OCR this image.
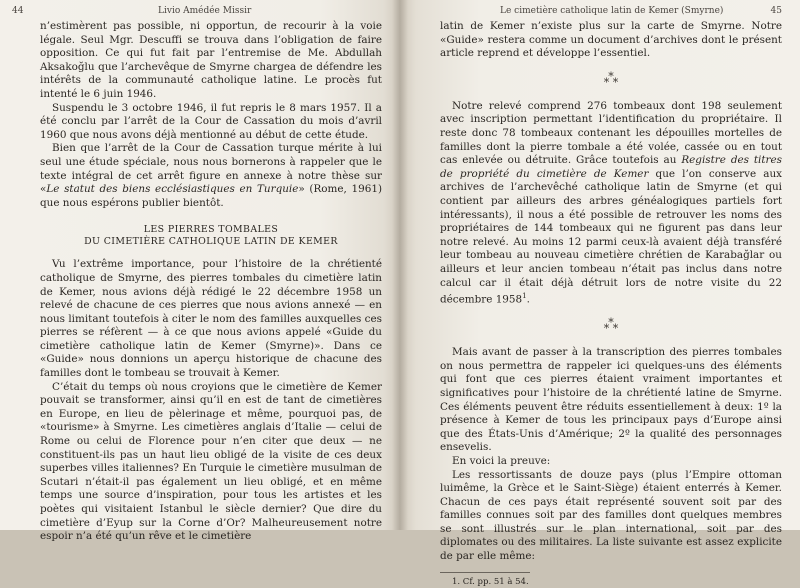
44	Livio Amédée Missir

n’estimèrent pas possible, ni opportun, de recourir à la voie légale. Seul Mgr. Descuffi se trouva dans l’obligation de faire opposition. Ce qui fut fait par l’entremise de Me. Abdullah Aksakoğlu que l’archevêque de Smyrne chargea de défendre les intérêts de la communauté catholique latine. Le procès fut intenté le 6 juin 1946.

Suspendu le 3 octobre 1946, il fut repris le 8 mars 1957. Il a été conclu par l’arrêt de la Cour de Cassation du mois d’avril 1960 que nous avons déjà mentionné au début de cette étude.

Bien que l’arrêt de la Cour de Cassation turque mérite à lui seul une étude spéciale, nous nous bornerons à rappeler que le texte intégral de cet arrêt figure en annexe à notre thèse sur «Le statut des biens ecclésiastiques en Turquie» (Rome, 1961) que nous espérons publier bientôt.

LES PIERRES TOMBALES
DU CIMETIÈRE CATHOLIQUE LATIN DE KEMER

Vu l’extrême importance, pour l’histoire de la chrétienté catholique de Smyrne, des pierres tombales du cimetière latin de Kemer, nous avions déjà rédigé le 22 décembre 1958 un relevé de chacune de ces pierres que nous avions annexé — en nous limitant toutefois à citer le nom des familles auxquelles ces pierres se réfèrent — à ce que nous avions appelé «Guide du cimetière catholique latin de Kemer (Smyrne)». Dans ce «Guide» nous donnions un aperçu historique de chacune des familles dont le tombeau se trouvait à Kemer.

C’était du temps où nous croyions que le cimetière de Kemer pouvait se transformer, ainsi qu’il en est de tant de cimetières en Europe, en lieu de pèlerinage et même, pourquoi pas, de «tourisme» à Smyrne. Les cimetières anglais d’Italie — celui de Rome ou celui de Florence pour n’en citer que deux — ne constituent-ils pas un haut lieu obligé de la visite de ces deux superbes villes italiennes? En Turquie le cimetière musulman de Scutari n’était-il pas également un lieu obligé, et en même temps une source d’inspiration, pour tous les artistes et les poètes qui visitaient Istanbul le siècle dernier? Que dire du cimetière d’Eyup sur la Corne d’Or? Malheureusement notre espoir n’a été qu’un rêve et le cimetière

Le cimetière catholique latin de Kemer (Smyrne)	45

latin de Kemer n’existe plus sur la carte de Smyrne. Notre «Guide» restera comme un document d’archives dont le présent article reprend et développe l’essentiel.

*
* *

Notre relevé comprend 276 tombeaux dont 198 seulement avec inscription permettant l’identification du propriétaire. Il reste donc 78 tombeaux contenant les dépouilles mortelles de familles dont la pierre tombale a été volée, cassée ou en tout cas enlevée ou détruite. Grâce toutefois au Registre des titres de propriété du cimetière de Kemer que l’on conserve aux archives de l’archevêché catholique latin de Smyrne (et qui contient par ailleurs des arbres généalogiques partiels fort intéressants), il nous a été possible de retrouver les noms des propriétaires de 144 tombeaux qui ne figurent pas dans leur notre relevé. Au moins 12 parmi ceux-là avaient déjà transféré leur tombeau au nouveau cimetière chrétien de Karabağlar ou ailleurs et leur ancien tombeau n’était pas inclus dans notre calcul car il était déjà détruit lors de notre visite du 22 décembre 1958$^1$.

*
* *

Mais avant de passer à la transcription des pierres tombales on nous permettra de rappeler ici quelques-uns des éléments qui font que ces pierres étaient vraiment importantes et significatives pour l’histoire de la chrétienté latine de Smyrne. Ces éléments peuvent être réduits essentiellement à deux: 1º la présence à Kemer de tous les principaux pays d’Europe ainsi que des États-Unis d’Amérique; 2º la qualité des personnages ensevelis.

En voici la preuve:

Les ressortissants de douze pays (plus l’Empire ottoman luimême, la Grèce et le Saint-Siège) étaient enterrés à Kemer. Chacun de ces pays était représenté souvent soit par des familles connues soit par des familles dont quelques membres se sont illustrés sur le plan international, soit par des diplomates ou des militaires. La liste suivante est assez explicite de par elle même:

1. Cf. pp. 51 à 54.
